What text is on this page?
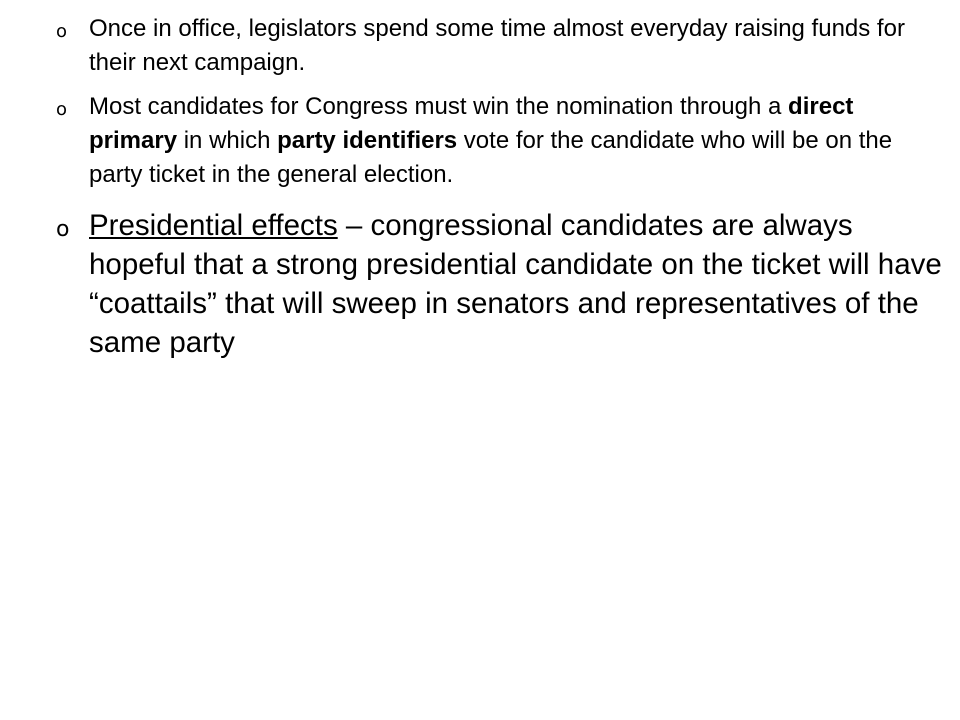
o Once in office, legislators spend some time almost everyday raising funds for their next campaign.
o Most candidates for Congress must win the nomination through a direct primary in which party identifiers vote for the candidate who will be on the party ticket in the general election.
o Presidential effects – congressional candidates are always hopeful that a strong presidential candidate on the ticket will have “coattails” that will sweep in senators and representatives of the same party
